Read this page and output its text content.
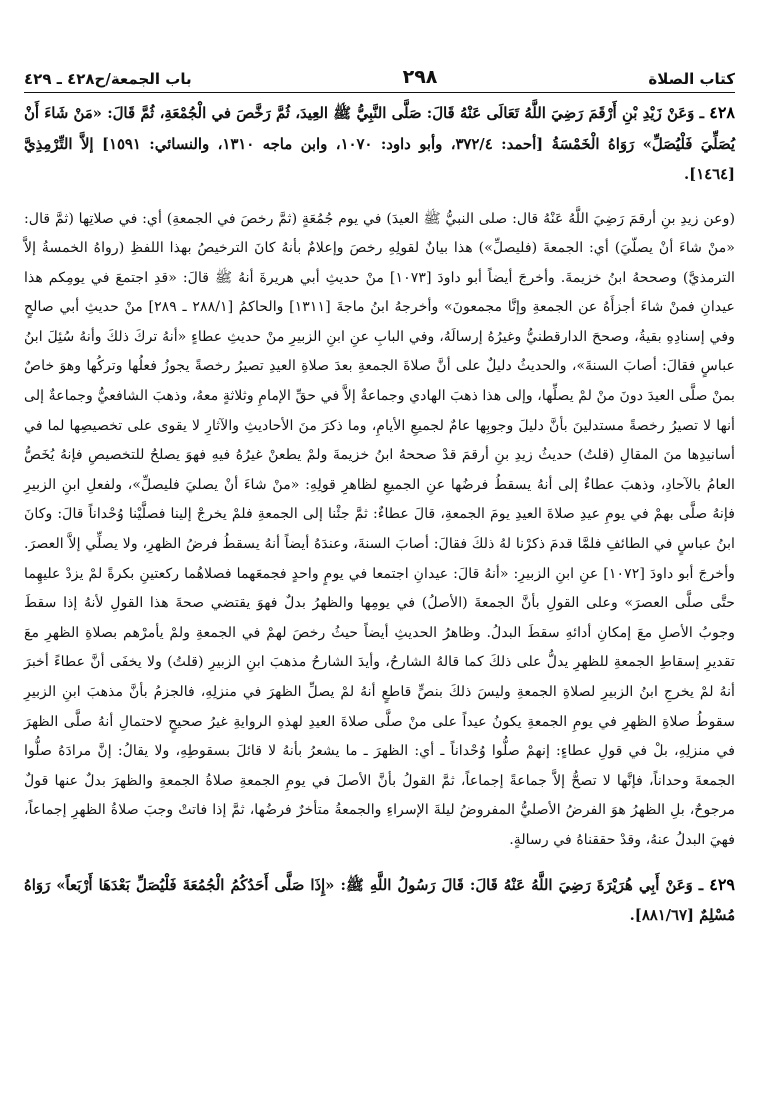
كتاب الصلاة
٢٩٨
باب الجمعة/ح٤٢٨ ـ ٤٢٩

٤٢٨ ـ وَعَنْ زَيْدِ بْنِ أَرْقَمَ رَضِيَ اللَّهُ تَعَالَى عَنْهُ قَالَ: صَلَّى النَّبِيُّ ﷺ العِيدَ، ثُمَّ رَخَّصَ في الْجُمْعَةِ، ثُمَّ قَالَ: «مَنْ شَاءَ أَنْ يُصَلِّيَ فَلْيُصَلِّ» رَوَاهُ الْخَمْسَةُ [أحمد: ٣٧٢/٤، وأبو داود: ١٠٧٠، وابن ماجه ١٣١٠، والنسائي: ١٥٩١] إلاَّ التِّرْمِذِيَّ [١٤٦٤].

(وعن زيدِ بنِ أرقمَ رَضِيَ اللَّهُ عَنْهُ قال: صلى النبيُّ ﷺ العيدَ) في يوم جُمُعَةٍ (ثمَّ رخصَ في الجمعةِ) أي: في صلاتِها (ثمَّ قال: «منْ شاءَ أنْ يصلّيَ) أي: الجمعةَ (فليصلِّ») هذا بيانٌ لقولِهِ رخصَ وإعلامٌ بأنهُ كانَ الترخيصُ بهذا اللفظِ (رواهُ الخمسةُ إلاَّ الترمذيَّ) وصححهُ ابنُ خزيمةَ. وأخرجَ أيضاً أبو داودَ [١٠٧٣] منْ حديثِ أبي هريرةَ أنهُ ﷺ قالَ: «قدِ اجتمعَ في يومِكم هذا عيدانِ فمنْ شاءَ أجزأَهُ عن الجمعةِ وإنَّا مجمعونَ» وأخرجهُ ابنُ ماجةَ [١٣١١] والحاكمُ [٢٨٨/١ ـ ٢٨٩] منْ حديثِ أبي صالحٍ وفي إسنادِهِ بقيةُ، وصححَ الدارقطنيُّ وغيرُهُ إرسالَهُ، وفي البابِ عنِ ابنِ الزبيرِ منْ حديثِ عطاءٍ «أنهُ تركَ ذلكَ وأنهُ سُئِلَ ابنُ عباسٍ فقالَ: أصابَ السنةَ»، والحديثُ دليلٌ على أنَّ صلاةَ الجمعةِ بعدَ صلاةِ العيدِ تصيرُ رخصةً يجوزُ فعلُها وتركُها وهوَ خاصٌ بمنْ صلَّى العيدَ دونَ منْ لمْ يصلِّها، وإلى هذا ذهبَ الهادي وجماعةٌ إلاَّ في حقِّ الإمامِ وثلاثةٍ معهُ، وذهبَ الشافعيُّ وجماعةٌ إلى أنها لا تصيرُ رخصةً مستدلينَ بأنَّ دليلَ وجوبِها عامٌ لجميعِ الأيامِ، وما ذكرَ منَ الأحاديثِ والآثارِ لا يقوى على تخصيصِها لما في أسانيدِها منَ المقالِ (قلتُ) حديثُ زيدِ بنِ أرقمَ قدْ صححهُ ابنُ خزيمةَ ولمْ يطعنْ غيرُهُ فيهِ فهوَ يصلحُ للتخصيصِ فإنهُ يُخَصُّ العامُ بالآحادِ، وذهبَ عطاءٌ إلى أنهُ يسقطُ فرضُها عنِ الجميعِ لظاهرِ قولِهِ: «منْ شاءَ أنْ يصليَ فليصلِّ»، ولفعلِ ابنِ الزبيرِ فإنهُ صلَّى بهمْ في يومِ عيدِ صلاةَ العيدِ يومَ الجمعةِ، قالَ عطاءٌ: ثمَّ جئْنا إلى الجمعةِ فلمْ يخرجْ إلينا فصلَّيْنا وُحْداناً قالَ: وكانَ ابنُ عباسٍ في الطائفِ فلمَّا قدمَ ذكرْنا لهُ ذلكَ فقالَ: أصابَ السنةَ، وعندَهُ أيضاً أنهُ يسقطُ فرضُ الظهرِ، ولا يصلِّي إلاَّ العصرَ. وأخرجَ أبو داودَ [١٠٧٢] عنِ ابنِ الزبيرِ: «أنهُ قالَ: عيدانِ اجتمعا في يومٍ واحدٍ فجمعَهما فصلاهُما ركعتينِ بكرةً لمْ يزدْ عليهِما حتَّى صلَّى العصرَ» وعلى القولِ بأنَّ الجمعةَ (الأصلُ) في يومِها والظهرُ بدلٌ فهوَ يقتضي صحةَ هذا القولِ لأنهُ إذا سقطَ وجوبُ الأصلِ معَ إمكانِ أدائهِ سقطَ البدلُ. وظاهرُ الحديثِ أيضاً حيثُ رخصَ لهمْ في الجمعةِ ولمْ يأمرْهم بصلاةِ الظهرِ معَ تقديرِ إسقاطِ الجمعةِ للظهرِ يدلُّ على ذلكَ كما قالهُ الشارحُ، وأيدَ الشارحُ مذهبَ ابنِ الزبيرِ (قلتُ) ولا يخفَى أنَّ عطاءً أخبرَ أنهُ لمْ يخرجِ ابنُ الزبيرِ لصلاةِ الجمعةِ وليسَ ذلكَ بنصٍّ قاطعٍ أنهُ لمْ يصلِّ الظهرَ في منزلِهِ، فالجزمُ بأنَّ مذهبَ ابنِ الزبيرِ سقوطُ صلاةِ الظهرِ في يومِ الجمعةِ يكونُ عيداً على منْ صلَّى صلاةَ العيدِ لهذهِ الروايةِ غيرُ صحيحٍ لاحتمالِ أنهُ صلَّى الظهرَ في منزلِهِ، بلْ في قولِ عطاءٍ: إنهمْ صلُّوا وُحْداناً ـ أي: الظهرَ ـ ما يشعرُ بأنهُ لا قائلَ بسقوطِهِ، ولا يقالُ: إنَّ مرادَهُ صلُّوا الجمعةَ وحداناً، فإنَّها لا تصحُّ إلاَّ جماعةً إجماعاً، ثمَّ القولُ بأنَّ الأصلَ في يومِ الجمعةِ صلاةُ الجمعةِ والظهرَ بدلٌ عنها قولٌ مرجوحٌ، بلِ الظهرُ هوَ الفرضُ الأصليُّ المفروضُ ليلةَ الإسراءِ والجمعةُ متأخرٌ فرضُها، ثمَّ إذا فاتتْ وجبَ صلاةُ الظهرِ إجماعاً، فهيَ البدلُ عنهُ، وقدْ حققناهُ في رسالةٍ.

٤٢٩ ـ وَعَنْ أَبِي هُرَيْرَةَ رَضِيَ اللَّهُ عَنْهُ قَالَ: قَالَ رَسُولُ اللَّهِ ﷺ: «إِذَا صَلَّى أَحَدُكُمُ الْجُمُعَةَ فَلْيُصَلِّ بَعْدَهَا أَرْبَعاً» رَوَاهُ مُسْلِمٌ [٨٨١/٦٧].
